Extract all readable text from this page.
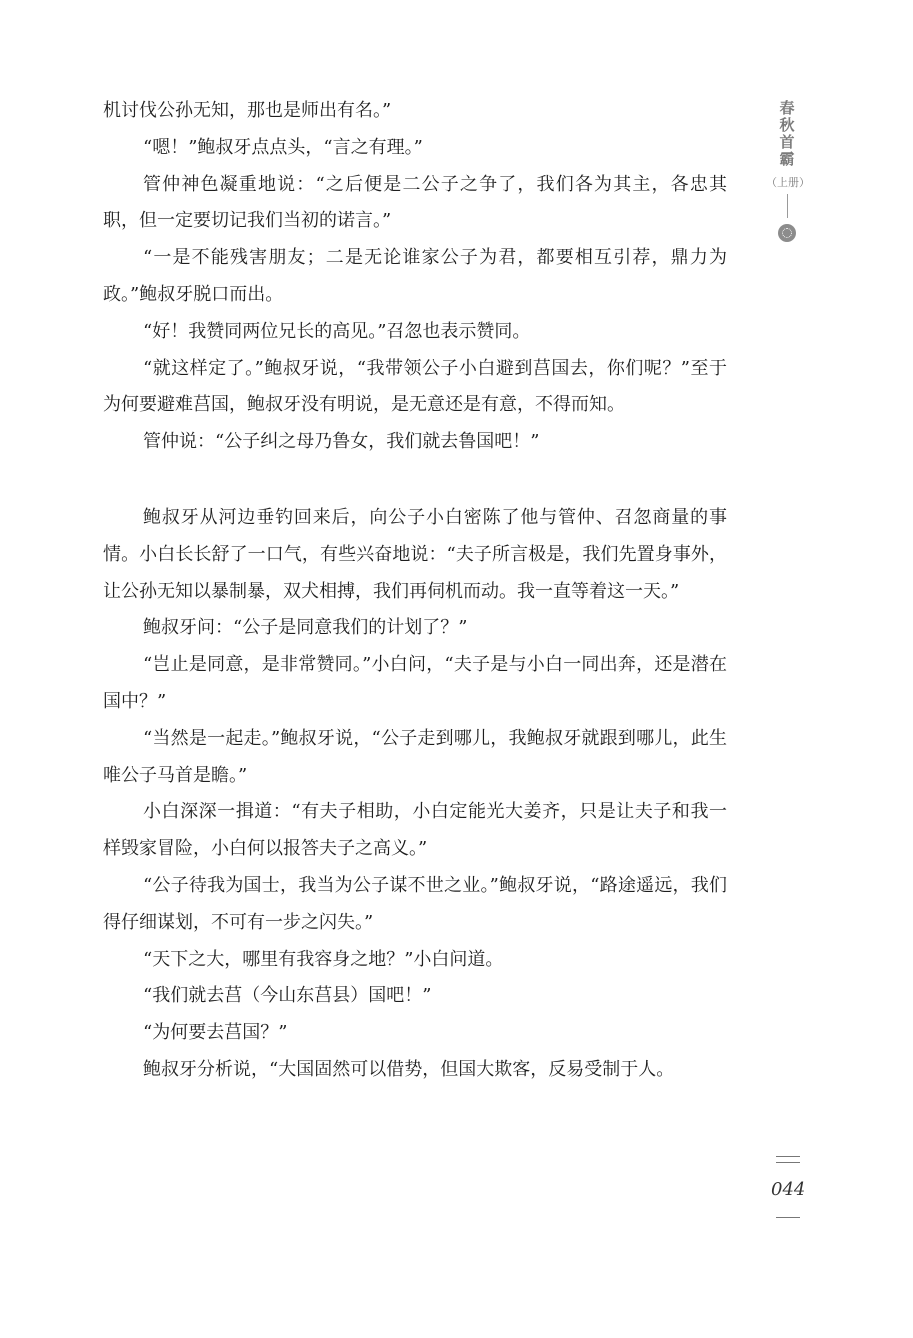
机讨伐公孙无知，那也是师出有名。”

“嗯！”鲍叔牙点点头，“言之有理。”

管仲神色凝重地说：“之后便是二公子之争了，我们各为其主，各忠其职，但一定要切记我们当初的诺言。”

“一是不能残害朋友；二是无论谁家公子为君，都要相互引荐，鼎力为政。”鲍叔牙脱口而出。

“好！我赞同两位兄长的高见。”召忽也表示赞同。

“就这样定了。”鲍叔牙说，“我带领公子小白避到莒国去，你们呢？”至于为何要避难莒国，鲍叔牙没有明说，是无意还是有意，不得而知。

管仲说：“公子纠之母乃鲁女，我们就去鲁国吧！”

鲍叔牙从河边垂钓回来后，向公子小白密陈了他与管仲、召忽商量的事情。小白长长舒了一口气，有些兴奋地说：“夫子所言极是，我们先置身事外，让公孙无知以暴制暴，双犬相搏，我们再伺机而动。我一直等着这一天。”

鲍叔牙问：“公子是同意我们的计划了？”

“岂止是同意，是非常赞同。”小白问，“夫子是与小白一同出奔，还是潜在国中？”

“当然是一起走。”鲍叔牙说，“公子走到哪儿，我鲍叔牙就跟到哪儿，此生唯公子马首是瞻。”

小白深深一揖道：“有夫子相助，小白定能光大姜齐，只是让夫子和我一样毁家冒险，小白何以报答夫子之高义。”

“公子待我为国士，我当为公子谋不世之业。”鲍叔牙说，“路途遥远，我们得仔细谋划，不可有一步之闪失。”

“天下之大，哪里有我容身之地？”小白问道。

“我们就去莒（今山东莒县）国吧！”

“为何要去莒国？”

鲍叔牙分析说，“大国固然可以借势，但国大欺客，反易受制于人。

春秋首霸
（上册）
044
